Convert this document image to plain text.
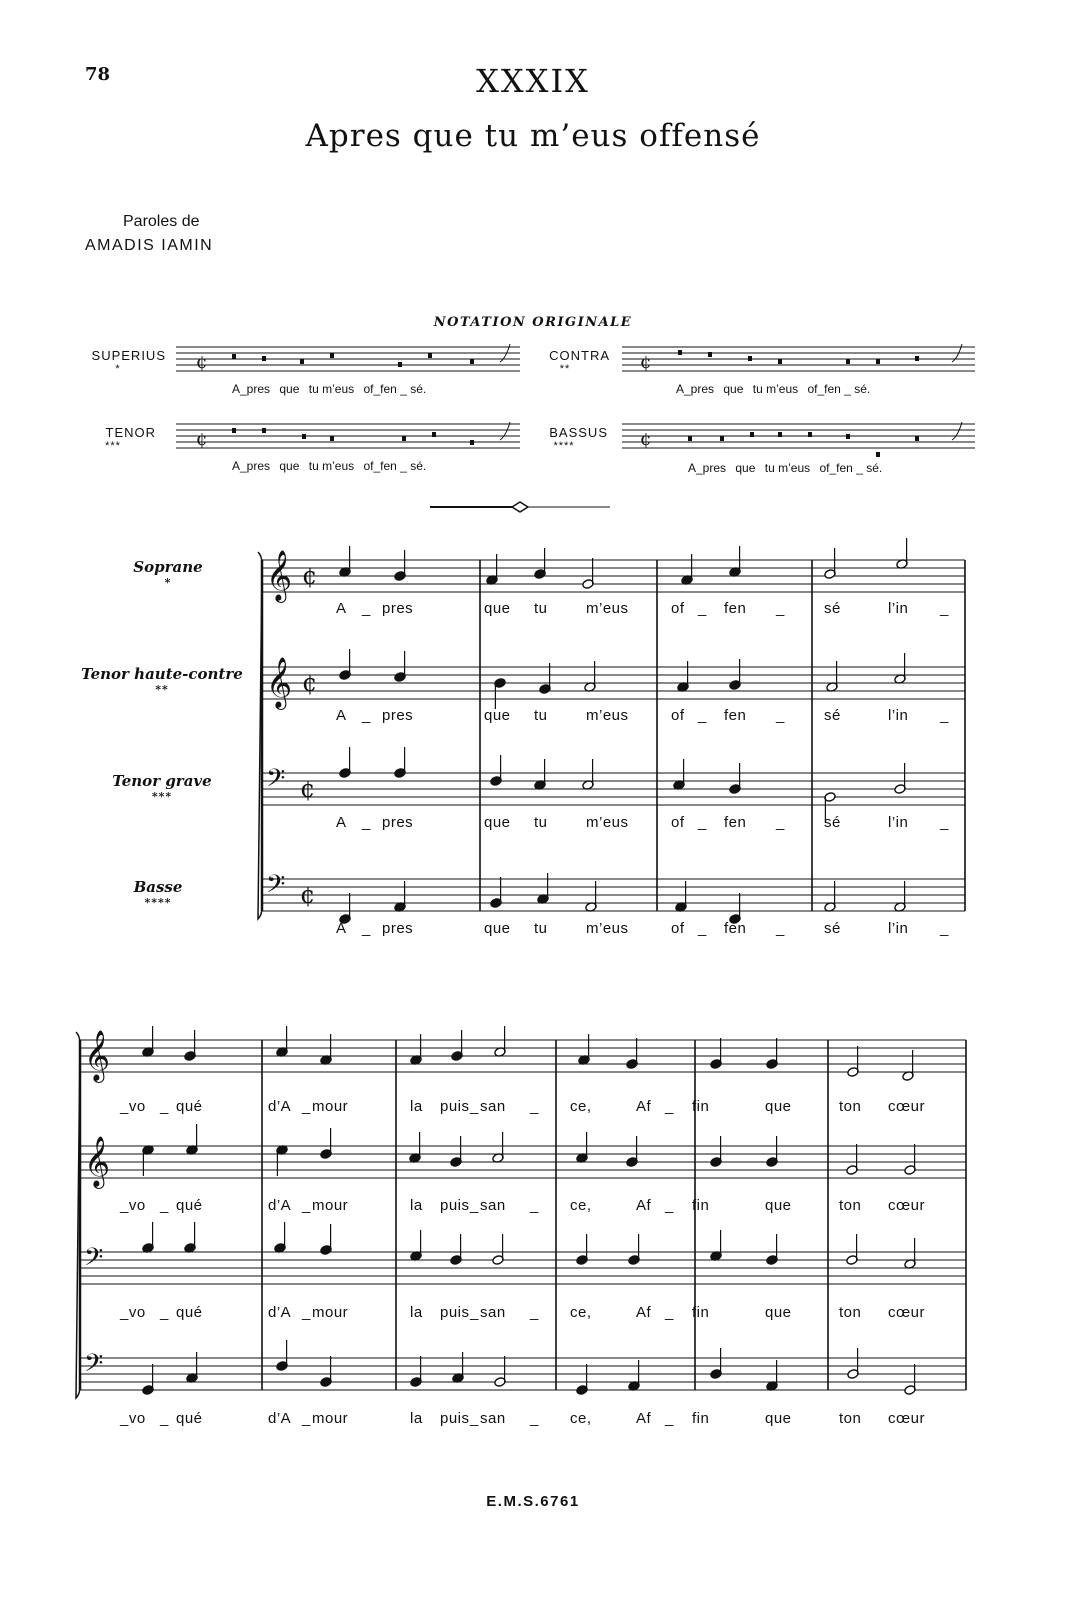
78	XXXIX
Apres que tu m’eus offensé
Paroles de
AMADIS IAMIN
NOTATION ORIGINALE
SUPERIUS
*
CONTRA
**
TENOR
***
BASSUS
****
¢	¢
¢	¢
A_pres que tu m’eus of_fen _ sé.	A_pres que tu m’eus of_fen _ sé.
A_pres que tu m’eus of_fen _ sé.	A_pres que tu m’eus of_fen _ sé.
Soprane
*
Tenor haute-contre
**
Tenor grave
***
Basse
****
𝄞 ¢
𝄞 ¢
𝄢 ¢
𝄢 ¢
𝄞
𝄞
𝄢
𝄢
A _ pres	que tu	m’eus	of _ fen _	sé	l’in _
A _ pres	que tu	m’eus	of _ fen _	sé	l’in _
A _ pres	que tu	m’eus	of _ fen _	sé	l’in _
A _ pres	que tu	m’eus	of _ fen _	sé	l’in _
_vo _ qué	d’A _ mour	la puis _ san _ ce,	Af _ fin	que	ton cœur
_vo _ qué	d’A _ mour	la puis _ san _ ce,	Af _ fin	que	ton cœur
_vo _ qué	d’A _ mour	la puis _ san _ ce,	Af _ fin	que	ton cœur
_vo _ qué	d’A _ mour	la puis _ san _ ce,	Af _ fin	que	ton cœur
E.M.S.6761
